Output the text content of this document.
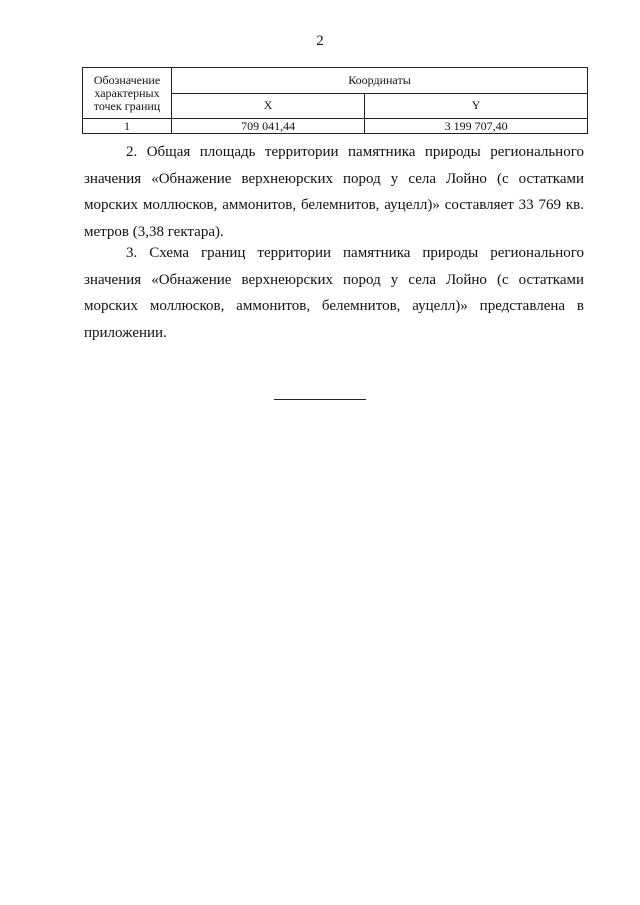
2
Обозначение характерных точек границ	Координаты	
	X	Y
1	709 041,44	3 199 707,40

2. Общая площадь территории памятника природы регионального значения «Обнажение верхнеюрских пород у села Лойно (с остатками морских моллюсков, аммонитов, белемнитов, ауцелл)» составляет 33 769 кв. метров (3,38 гектара).

3. Схема границ территории памятника природы регионального значения «Обнажение верхнеюрских пород у села Лойно (с остатками морских моллюсков, аммонитов, белемнитов, ауцелл)» представлена в приложении.
